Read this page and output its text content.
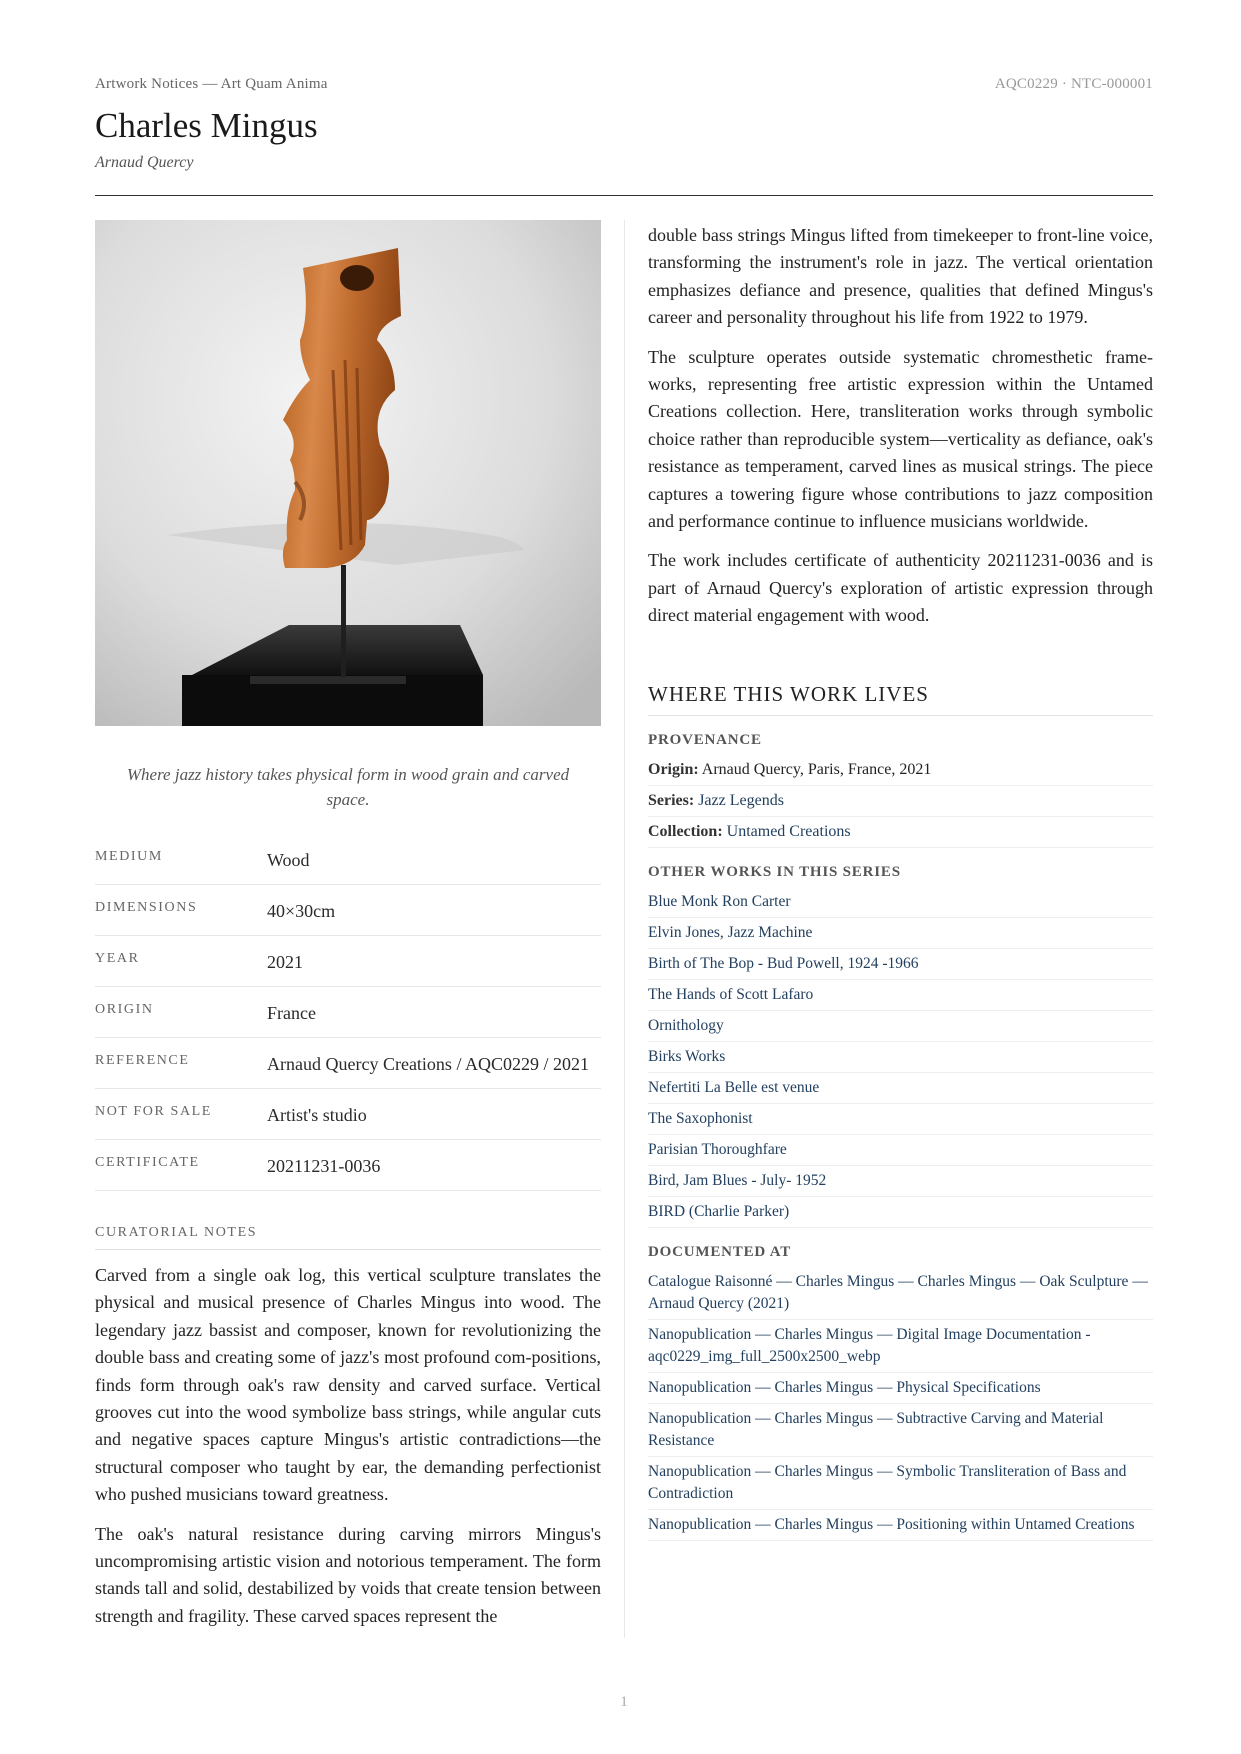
Artwork Notices — Art Quam Anima	AQC0229 · NTC-000001
Charles Mingus
Arnaud Quercy
Where jazz history takes physical form in wood grain and carved space.
MEDIUM	Wood
DIMENSIONS	40×30cm
YEAR	2021
ORIGIN	France
REFERENCE	Arnaud Quercy Creations / AQC0229 / 2021
NOT FOR SALE	Artist's studio
CERTIFICATE	20211231-0036
CURATORIAL NOTES

Carved from a single oak log, this vertical sculpture translates the physical and musical presence of Charles Mingus into wood. The legendary jazz bassist and composer, known for revolutionizing the double bass and creating some of jazz's most profound com-positions, finds form through oak's raw density and carved surface. Vertical grooves cut into the wood symbolize bass strings, while angular cuts and negative spaces capture Mingus's artistic contradictions—the structural composer who taught by ear, the demanding perfectionist who pushed musicians toward greatness.

The oak's natural resistance during carving mirrors Mingus's uncompromising artistic vision and notorious temperament. The form stands tall and solid, destabilized by voids that create tension between strength and fragility. These carved spaces represent the

double bass strings Mingus lifted from timekeeper to front-line voice, transforming the instrument's role in jazz. The vertical orientation emphasizes defiance and presence, qualities that defined Mingus's career and personality throughout his life from 1922 to 1979.

The sculpture operates outside systematic chromesthetic frame-works, representing free artistic expression within the Untamed Creations collection. Here, transliteration works through symbolic choice rather than reproducible system—verticality as defiance, oak's resistance as temperament, carved lines as musical strings. The piece captures a towering figure whose contributions to jazz composition and performance continue to influence musicians worldwide.

The work includes certificate of authenticity 20211231-0036 and is part of Arnaud Quercy's exploration of artistic expression through direct material engagement with wood.

WHERE THIS WORK LIVES
PROVENANCE
Origin: Arnaud Quercy, Paris, France, 2021
Series: Jazz Legends
Collection: Untamed Creations
OTHER WORKS IN THIS SERIES
Blue Monk Ron Carter
Elvin Jones, Jazz Machine
Birth of The Bop - Bud Powell, 1924 -1966
The Hands of Scott Lafaro
Ornithology
Birks Works
Nefertiti La Belle est venue
The Saxophonist
Parisian Thoroughfare
Bird, Jam Blues - July- 1952
BIRD (Charlie Parker)
DOCUMENTED AT
Catalogue Raisonné — Charles Mingus — Charles Mingus — Oak Sculpture — Arnaud Quercy (2021)
Nanopublication — Charles Mingus — Digital Image Documentation - aqc0229_img_full_2500x2500_webp
Nanopublication — Charles Mingus — Physical Specifications
Nanopublication — Charles Mingus — Subtractive Carving and Material Resistance
Nanopublication — Charles Mingus — Symbolic Transliteration of Bass and Contradiction
Nanopublication — Charles Mingus — Positioning within Untamed Creations
1
